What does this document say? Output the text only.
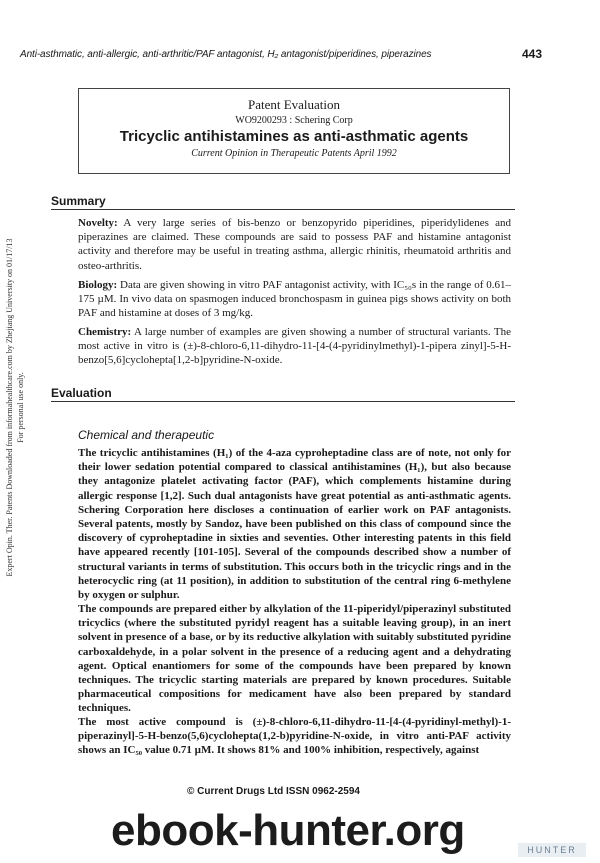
Anti-asthmatic, anti-allergic, anti-arthritic/PAF antagonist, H₂ antagonist/piperidines, piperazines	443
Expert Opin. Ther. Patents Downloaded from informahealthcare.com by Zhejiang University on 01/17/13 For personal use only.
Patent Evaluation
WO9200293 : Schering Corp
Tricyclic antihistamines as anti-asthmatic agents
Current Opinion in Therapeutic Patents April 1992
Summary
Novelty: A very large series of bis-benzo or benzopyrido piperidines, piperidylidenes and piperazines are claimed. These compounds are said to possess PAF and histamine antagonist activity and therefore may be useful in treating asthma, allergic rhinitis, rheumatoid arthritis and osteo-arthritis.
Biology: Data are given showing in vitro PAF antagonist activity, with IC₅₀s in the range of 0.61–175 µM. In vivo data on spasmogen induced bronchospasm in guinea pigs shows activity on both PAF and histamine at doses of 3 mg/kg.
Chemistry: A large number of examples are given showing a number of structural variants. The most active in vitro is (±)-8-chloro-6,11-dihydro-11-[4-(4-pyridinylmethyl)-1-pipera zinyl]-5-H-benzo[5,6]cyclohepta[1,2-b]pyridine-N-oxide.
Evaluation
Chemical and therapeutic
The tricyclic antihistamines (H₁) of the 4-aza cyproheptadine class are of note, not only for their lower sedation potential compared to classical antihistamines (H₁), but also because they antagonize platelet activating factor (PAF), which complements histamine during allergic response [1,2]. Such dual antagonists have great potential as anti-asthmatic agents. Schering Corporation here discloses a continuation of earlier work on PAF antagonists. Several patents, mostly by Sandoz, have been published on this class of compound since the discovery of cyproheptadine in sixties and seventies. Other interesting patents in this field have appeared recently [101-105]. Several of the compounds described show a number of structural variants in terms of substitution. This occurs both in the tricyclic rings and in the heterocyclic ring (at 11 position), in addition to substitution of the central ring 6-methylene by oxygen or sulphur.
The compounds are prepared either by alkylation of the 11-piperidyl/piperazinyl substituted tricyclics (where the substituted pyridyl reagent has a suitable leaving group), in an inert solvent in presence of a base, or by its reductive alkylation with suitably substituted pyridine carboxaldehyde, in a polar solvent in the presence of a reducing agent and a dehydrating agent. Optical enantiomers for some of the compounds have been prepared by known techniques. The tricyclic starting materials are prepared by known procedures. Suitable pharmaceutical compositions for medicament have also been prepared by standard techniques.
The most active compound is (±)-8-chloro-6,11-dihydro-11-[4-(4-pyridinyl-methyl)-1-piperazinyl]-5-H-benzo(5,6)cyclohepta(1,2-b)pyridine-N-oxide, in vitro anti-PAF activity shows an IC₅₀ value 0.71 µM. It shows 81% and 100% inhibition, respectively, against
© Current Drugs Ltd ISSN 0962-2594
ebook-hunter.org	HUNTER
